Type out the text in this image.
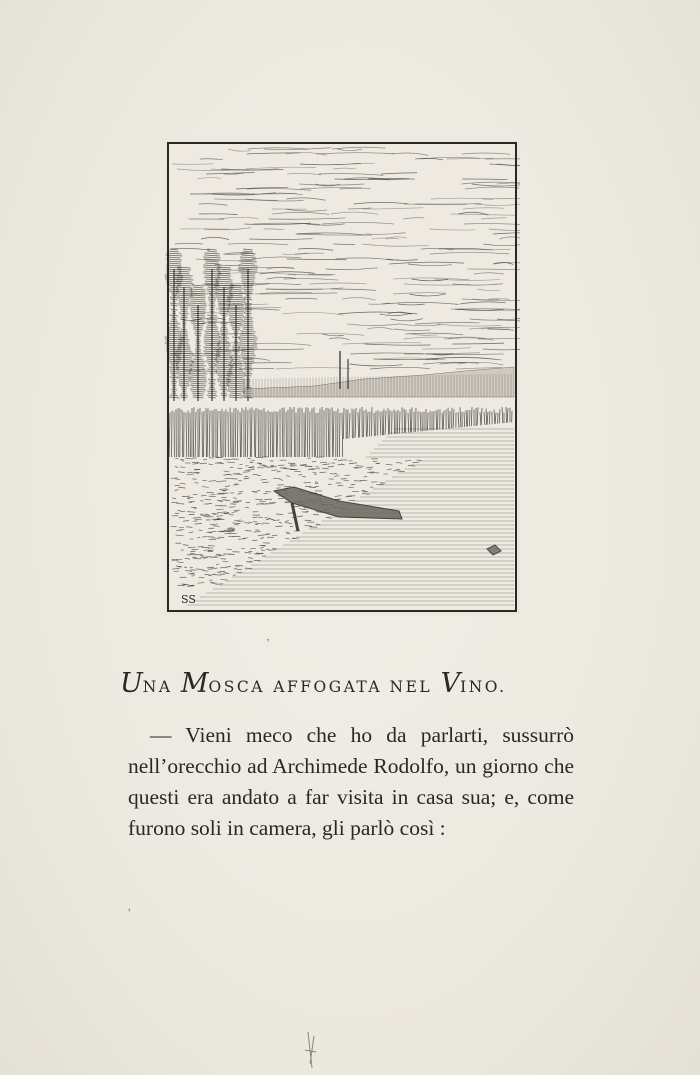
SS
,
UNA MOSCA AFFOGATA NEL VINO.

— Vieni meco che ho da parlarti, sussurrò nell’orecchio ad Archimede Rodolfo, un giorno che questi era andato a far visita in casa sua; e, come furono soli in camera, gli parlò così :

,
